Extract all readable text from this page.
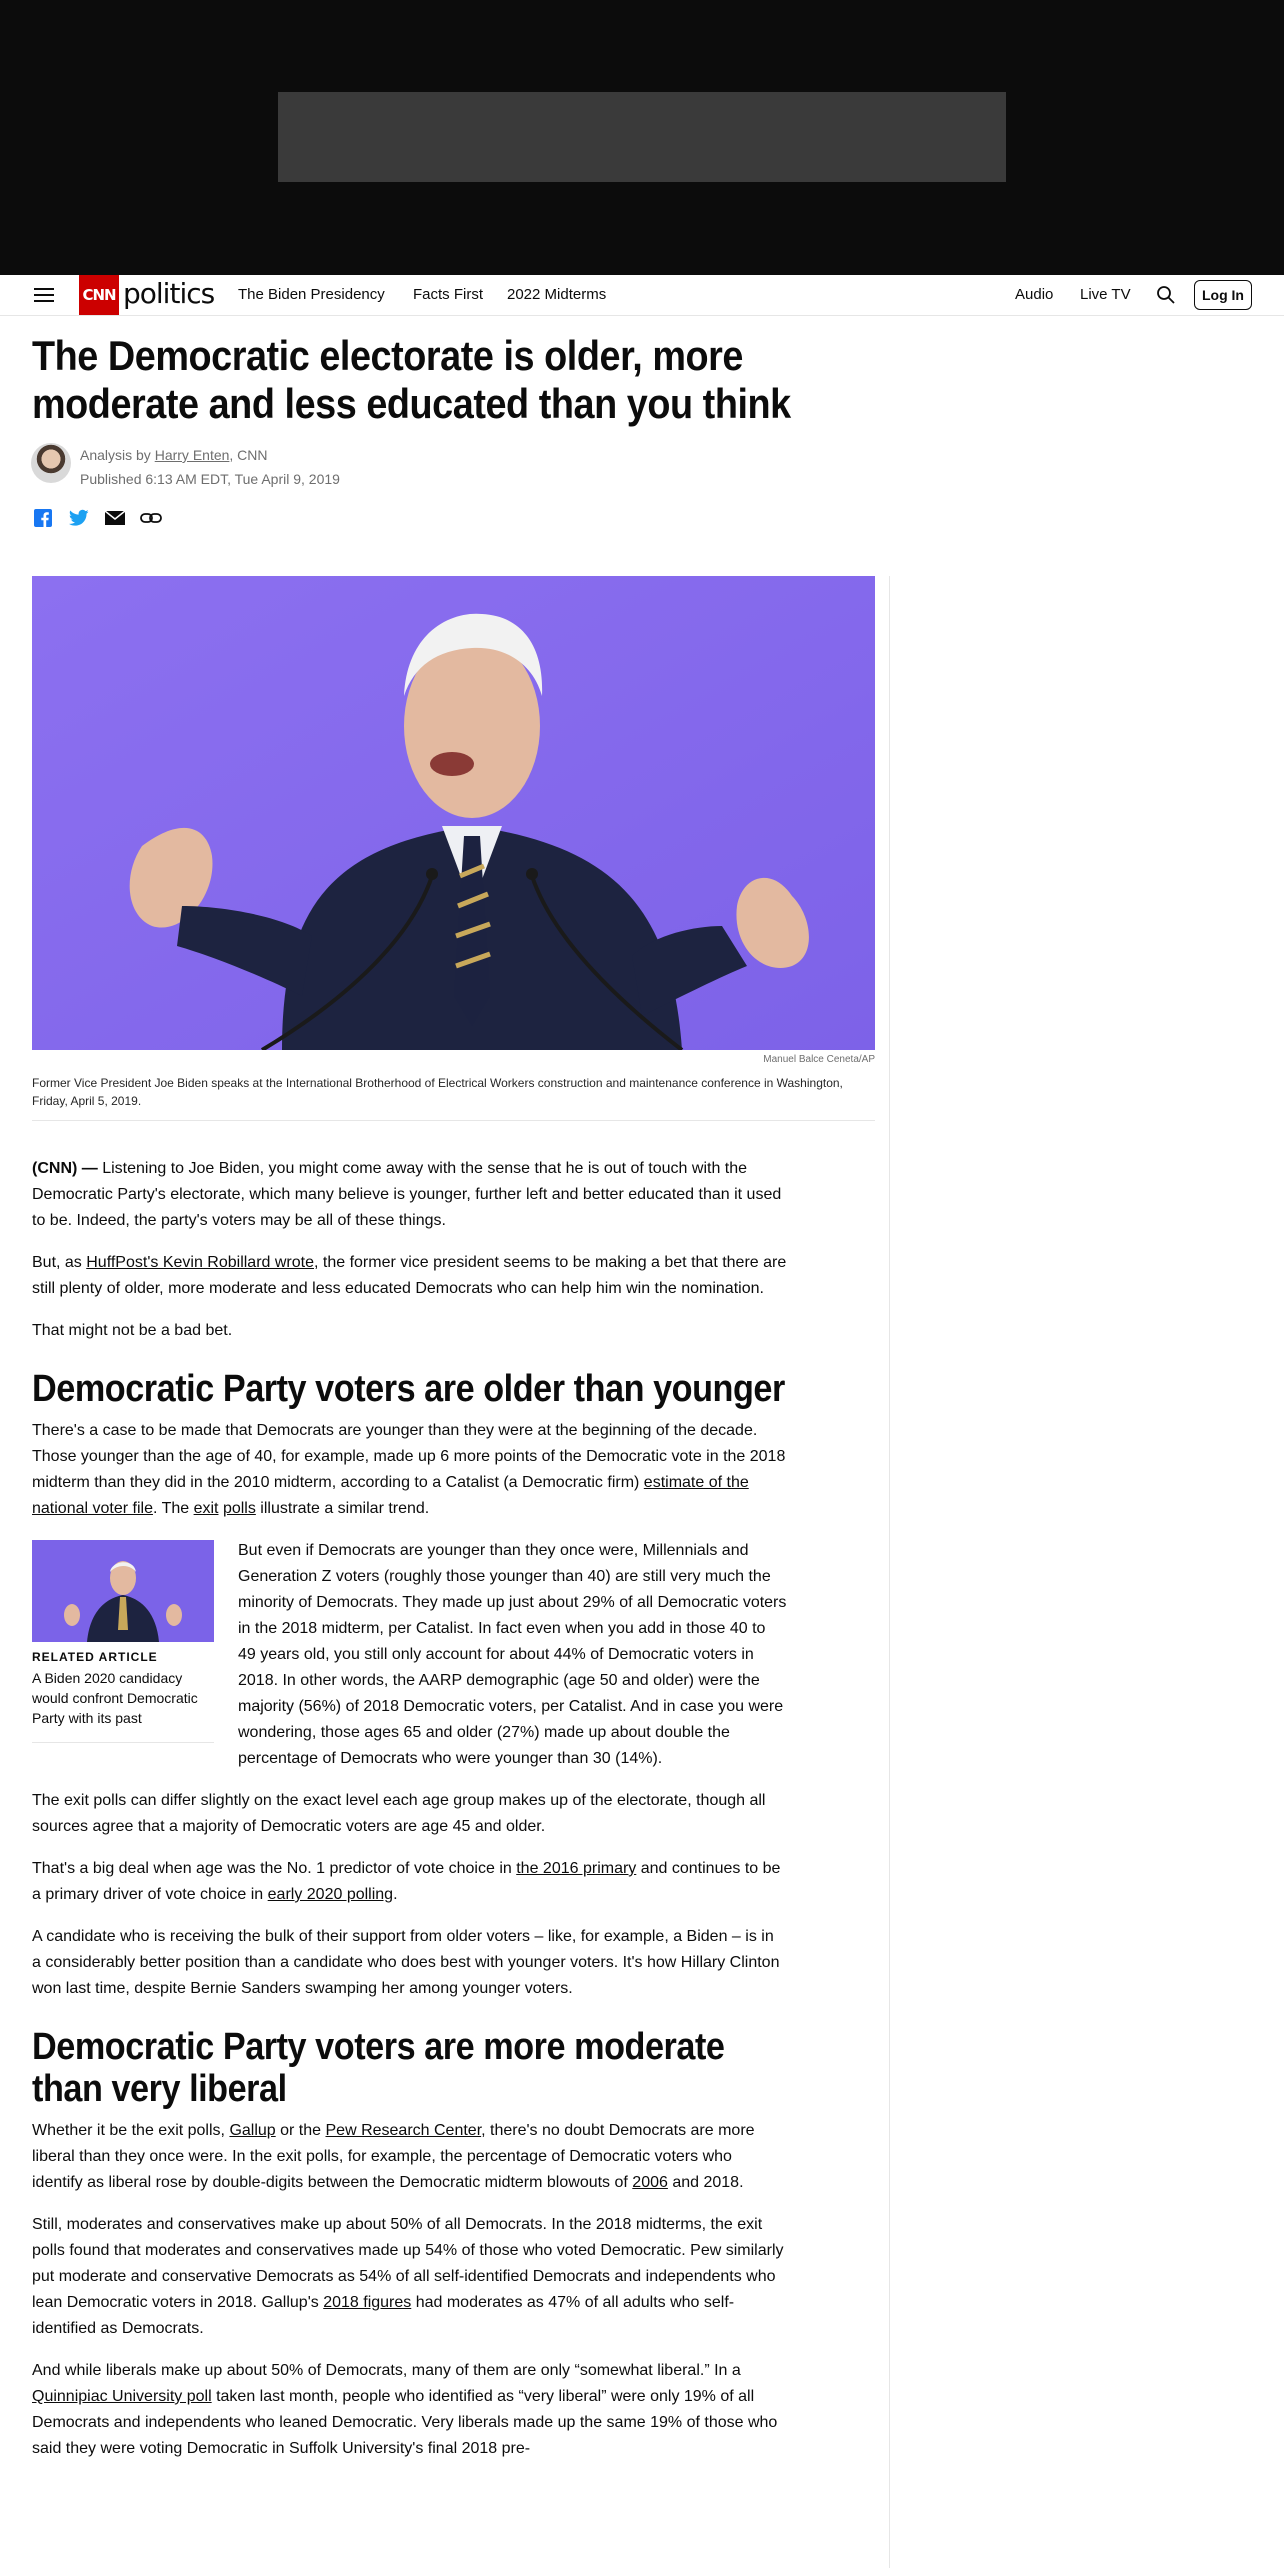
CNN politics The Biden Presidency Facts First 2022 Midterms	Audio Live TV	Log In
The Democratic electorate is older, more moderate and less educated than you think
Analysis by Harry Enten, CNN
Published 6:13 AM EDT, Tue April 9, 2019
Manuel Balce Ceneta/AP
Former Vice President Joe Biden speaks at the International Brotherhood of Electrical Workers construction and maintenance conference in Washington, Friday, April 5, 2019.

(CNN) — Listening to Joe Biden, you might come away with the sense that he is out of touch with the Democratic Party's electorate, which many believe is younger, further left and better educated than it used to be. Indeed, the party's voters may be all of these things.

But, as HuffPost's Kevin Robillard wrote, the former vice president seems to be making a bet that there are still plenty of older, more moderate and less educated Democrats who can help him win the nomination.

That might not be a bad bet.

Democratic Party voters are older than younger

There's a case to be made that Democrats are younger than they were at the beginning of the decade. Those younger than the age of 40, for example, made up 6 more points of the Democratic vote in the 2018 midterm than they did in the 2010 midterm, according to a Catalist (a Democratic firm) estimate of the national voter file. The exit polls illustrate a similar trend.

RELATED ARTICLE
A Biden 2020 candidacy would confront Democratic Party with its past

But even if Democrats are younger than they once were, Millennials and Generation Z voters (roughly those younger than 40) are still very much the minority of Democrats. They made up just about 29% of all Democratic voters in the 2018 midterm, per Catalist. In fact even when you add in those 40 to 49 years old, you still only account for about 44% of Democratic voters in 2018. In other words, the AARP demographic (age 50 and older) were the majority (56%) of 2018 Democratic voters, per Catalist. And in case you were wondering, those ages 65 and older (27%) made up about double the percentage of Democrats who were younger than 30 (14%).

The exit polls can differ slightly on the exact level each age group makes up of the electorate, though all sources agree that a majority of Democratic voters are age 45 and older.

That's a big deal when age was the No. 1 predictor of vote choice in the 2016 primary and continues to be a primary driver of vote choice in early 2020 polling.

A candidate who is receiving the bulk of their support from older voters – like, for example, a Biden – is in a considerably better position than a candidate who does best with younger voters. It's how Hillary Clinton won last time, despite Bernie Sanders swamping her among younger voters.

Democratic Party voters are more moderate than very liberal

Whether it be the exit polls, Gallup or the Pew Research Center, there's no doubt Democrats are more liberal than they once were. In the exit polls, for example, the percentage of Democratic voters who identify as liberal rose by double-digits between the Democratic midterm blowouts of 2006 and 2018.

Still, moderates and conservatives make up about 50% of all Democrats. In the 2018 midterms, the exit polls found that moderates and conservatives made up 54% of those who voted Democratic. Pew similarly put moderate and conservative Democrats as 54% of all self-identified Democrats and independents who lean Democratic voters in 2018. Gallup's 2018 figures had moderates as 47% of all adults who self-identified as Democrats.

And while liberals make up about 50% of Democrats, many of them are only “somewhat liberal.” In a Quinnipiac University poll taken last month, people who identified as “very liberal” were only 19% of all Democrats and independents who leaned Democratic. Very liberals made up the same 19% of those who said they were voting Democratic in Suffolk University's final 2018 pre-
